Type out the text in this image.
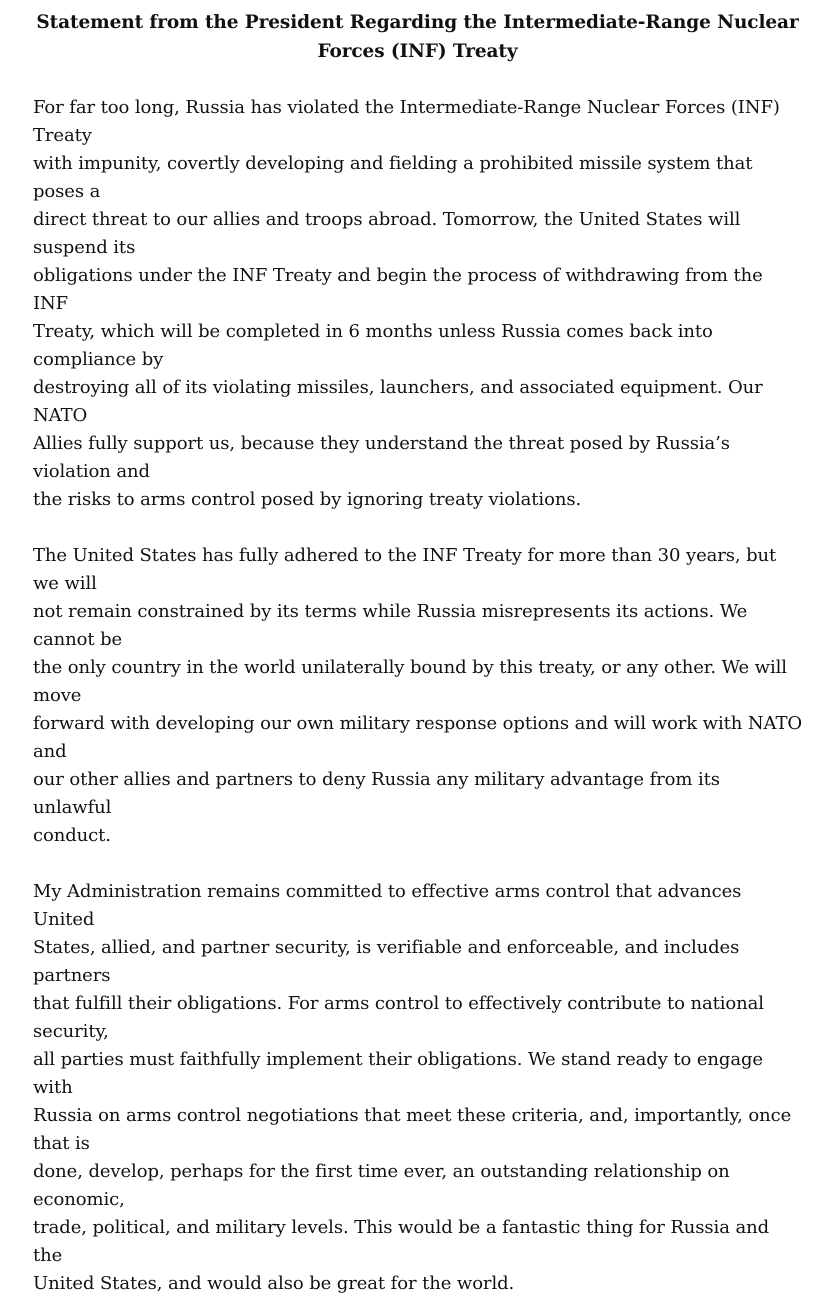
Statement from the President Regarding the Intermediate-Range Nuclear
Forces (INF) Treaty

For far too long, Russia has violated the Intermediate-Range Nuclear Forces (INF) Treaty
with impunity, covertly developing and fielding a prohibited missile system that poses a
direct threat to our allies and troops abroad. Tomorrow, the United States will suspend its
obligations under the INF Treaty and begin the process of withdrawing from the INF
Treaty, which will be completed in 6 months unless Russia comes back into compliance by
destroying all of its violating missiles, launchers, and associated equipment. Our NATO
Allies fully support us, because they understand the threat posed by Russia’s violation and
the risks to arms control posed by ignoring treaty violations.

The United States has fully adhered to the INF Treaty for more than 30 years, but we will
not remain constrained by its terms while Russia misrepresents its actions. We cannot be
the only country in the world unilaterally bound by this treaty, or any other. We will move
forward with developing our own military response options and will work with NATO and
our other allies and partners to deny Russia any military advantage from its unlawful
conduct.

My Administration remains committed to effective arms control that advances United
States, allied, and partner security, is verifiable and enforceable, and includes partners
that fulfill their obligations. For arms control to effectively contribute to national security,
all parties must faithfully implement their obligations. We stand ready to engage with
Russia on arms control negotiations that meet these criteria, and, importantly, once that is
done, develop, perhaps for the first time ever, an outstanding relationship on economic,
trade, political, and military levels. This would be a fantastic thing for Russia and the
United States, and would also be great for the world.
